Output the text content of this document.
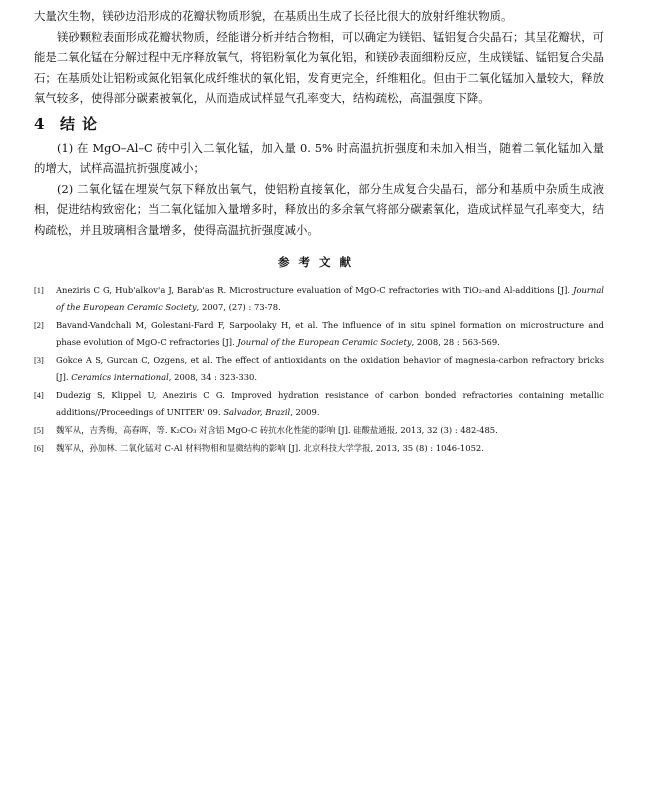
大量次生物，镁砂边沿形成的花瓣状物质形貌，在基质出生成了长径比很大的放射纤维状物质。

镁砂颗粒表面形成花瓣状物质，经能谱分析并结合物相，可以确定为镁铝、锰铝复合尖晶石；其呈花瓣状，可能是二氧化锰在分解过程中无序释放氧气，将铝粉氧化为氧化铝，和镁砂表面细粉反应，生成镁锰、锰铝复合尖晶石；在基质处让铝粉或氮化铝氧化成纤维状的氧化铝，发育更完全，纤维粗化。但由于二氧化锰加入量较大，释放氧气较多，使得部分碳素被氧化，从而造成试样显气孔率变大，结构疏松，高温强度下降。

4 结论

(1) 在 MgO–Al–C 砖中引入二氧化锰，加入量 0. 5% 时高温抗折强度和未加入相当，随着二氧化锰加入量的增大，试样高温抗折强度减小；

(2) 二氧化锰在埋炭气氛下释放出氧气，使铝粉直接氧化，部分生成复合尖晶石，部分和基质中杂质生成液相，促进结构致密化；当二氧化锰加入量增多时，释放出的多余氧气将部分碳素氧化，造成试样显气孔率变大，结构疏松，并且玻璃相含量增多，使得高温抗折强度减小。

参考文献
[1]	Aneziris C G, Hub'alkov'a J, Barab'as R. Microstructure evaluation of MgO-C refractories with TiO₂-and Al-additions [J]. Journal of the European Ceramic Society, 2007, (27) : 73-78.
[2]	Bavand-Vandchali M, Golestani-Fard F, Sarpoolaky H, et al. The influence of in situ spinel formation on microstructure and phase evolution of MgO-C refractories [J]. Journal of the European Ceramic Society, 2008, 28 : 563-569.
[3]	Gokce A S, Gurcan C, Ozgens, et al. The effect of antioxidants on the oxidation behavior of magnesia-carbon refractory bricks [J]. Ceramics international, 2008, 34 : 323-330.
[4]	Dudezig S, Klippel U, Aneziris C G. Improved hydration resistance of carbon bonded refractories containing metallic additions//Proceedings of UNITER' 09. Salvador, Brazil, 2009.
[5]	魏军从，吉秀梅，高春晖，等. K₂CO₃ 对含铝 MgO-C 砖抗水化性能的影响 [J]. 硅酸盐通报, 2013, 32 (3) : 482-485.
[6]	魏军从，孙加林. 二氧化锰对 C-Al 材料物相和显微结构的影响 [J]. 北京科技大学学报, 2013, 35 (8) : 1046-1052.
